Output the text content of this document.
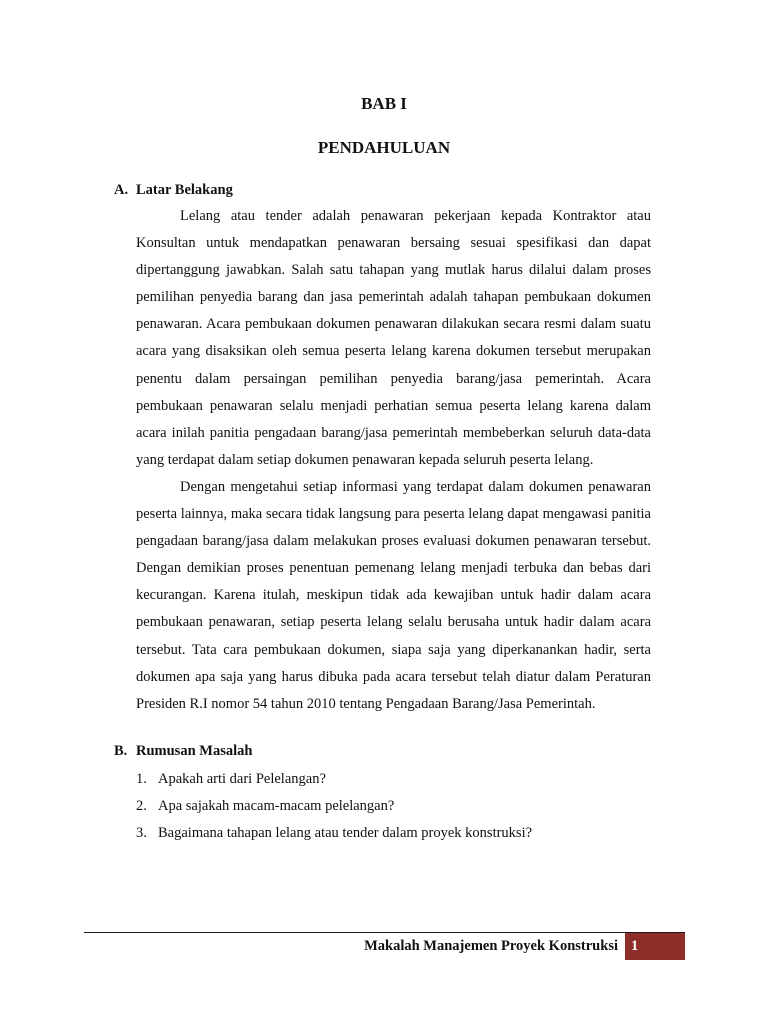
BAB I
PENDAHULUAN
A. Latar Belakang

Lelang atau tender adalah penawaran pekerjaan kepada Kontraktor atau Konsultan untuk mendapatkan penawaran bersaing sesuai spesifikasi dan dapat dipertanggung jawabkan. Salah satu tahapan yang mutlak harus dilalui dalam proses pemilihan penyedia barang dan jasa pemerintah adalah tahapan pembukaan dokumen penawaran. Acara pembukaan dokumen penawaran dilakukan secara resmi dalam suatu acara yang disaksikan oleh semua peserta lelang karena dokumen tersebut merupakan penentu dalam persaingan pemilihan penyedia barang/jasa pemerintah. Acara pembukaan penawaran selalu menjadi perhatian semua peserta lelang karena dalam acara inilah panitia pengadaan barang/jasa pemerintah membeberkan seluruh data-data yang terdapat dalam setiap dokumen penawaran kepada seluruh peserta lelang.

Dengan mengetahui setiap informasi yang terdapat dalam dokumen penawaran peserta lainnya, maka secara tidak langsung para peserta lelang dapat mengawasi panitia pengadaan barang/jasa dalam melakukan proses evaluasi dokumen penawaran tersebut. Dengan demikian proses penentuan pemenang lelang menjadi terbuka dan bebas dari kecurangan. Karena itulah, meskipun tidak ada kewajiban untuk hadir dalam acara pembukaan penawaran, setiap peserta lelang selalu berusaha untuk hadir dalam acara tersebut. Tata cara pembukaan dokumen, siapa saja yang diperkanankan hadir, serta dokumen apa saja yang harus dibuka pada acara tersebut telah diatur dalam Peraturan Presiden R.I nomor 54 tahun 2010 tentang Pengadaan Barang/Jasa Pemerintah.

B. Rumusan Masalah
1. Apakah arti dari Pelelangan?
2. Apa sajakah macam-macam pelelangan?
3. Bagaimana tahapan lelang atau tender dalam proyek konstruksi?
Makalah Manajemen Proyek Konstruksi 1
